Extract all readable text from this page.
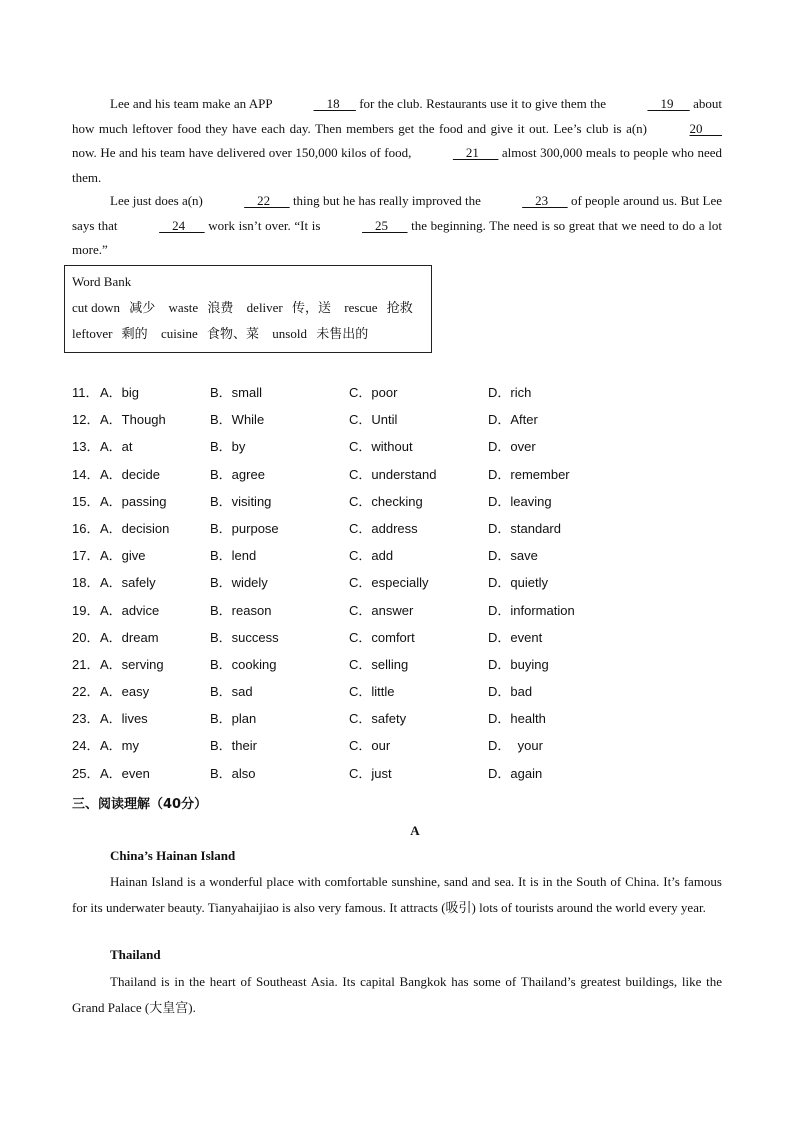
Lee and his team make an APP	18      for the club. Restaurants use it to give them the	19      about how much leftover food they have each day. Then members get the food and give it out. Lee’s club is a(n)	20       now. He and his team have delivered over 150,000 kilos of food,	21       almost 300,000 meals to people who need them.
Lee just does a(n)	22       thing but he has really improved the	23       of people around us. But Lee says that	24       work isn’t over. “It is	25       the beginning. The need is so great that we need to do a lot more.”
Word Bank
cut down 减少 waste 浪费 deliver 传，送 rescue 抢救
leftover 剩的 cuisine 食物、菜 unsold 未售出的
11． A．big	B．small	C．poor	D．rich
12． A．Though	B．While	C．Until	D．After
13． A．at	B．by	C．without	D．over
14． A．decide	B．agree	C．understand	D．remember
15． A．passing	B．visiting	C．checking	D．leaving
16． A．decision	B．purpose	C．address	D．standard
17． A．give	B．lend	C．add	D．save
18． A．safely	B．widely	C．especially	D．quietly
19． A．advice	B．reason	C．answer	D．information
20． A．dream	B．success	C．comfort	D．event
21． A．serving	B．cooking	C．selling	D．buying
22． A．easy	B．sad	C．little	D．bad
23． A．lives	B．plan	C．safety	D．health
24． A．my	B．their	C．our	D．  your
25． A．even	B．also	C．just	D．again
三、阅读理解（40分）
A
China’s Hainan Island
Hainan Island is a wonderful place with comfortable sunshine, sand and sea. It is in the South of China. It’s famous for its underwater beauty. Tianyahaijiao is also very famous. It attracts (吸引) lots of tourists around the world every year.
Thailand
Thailand is in the heart of Southeast Asia. Its capital Bangkok has some of Thailand’s greatest buildings, like the Grand Palace (大皇宫).
